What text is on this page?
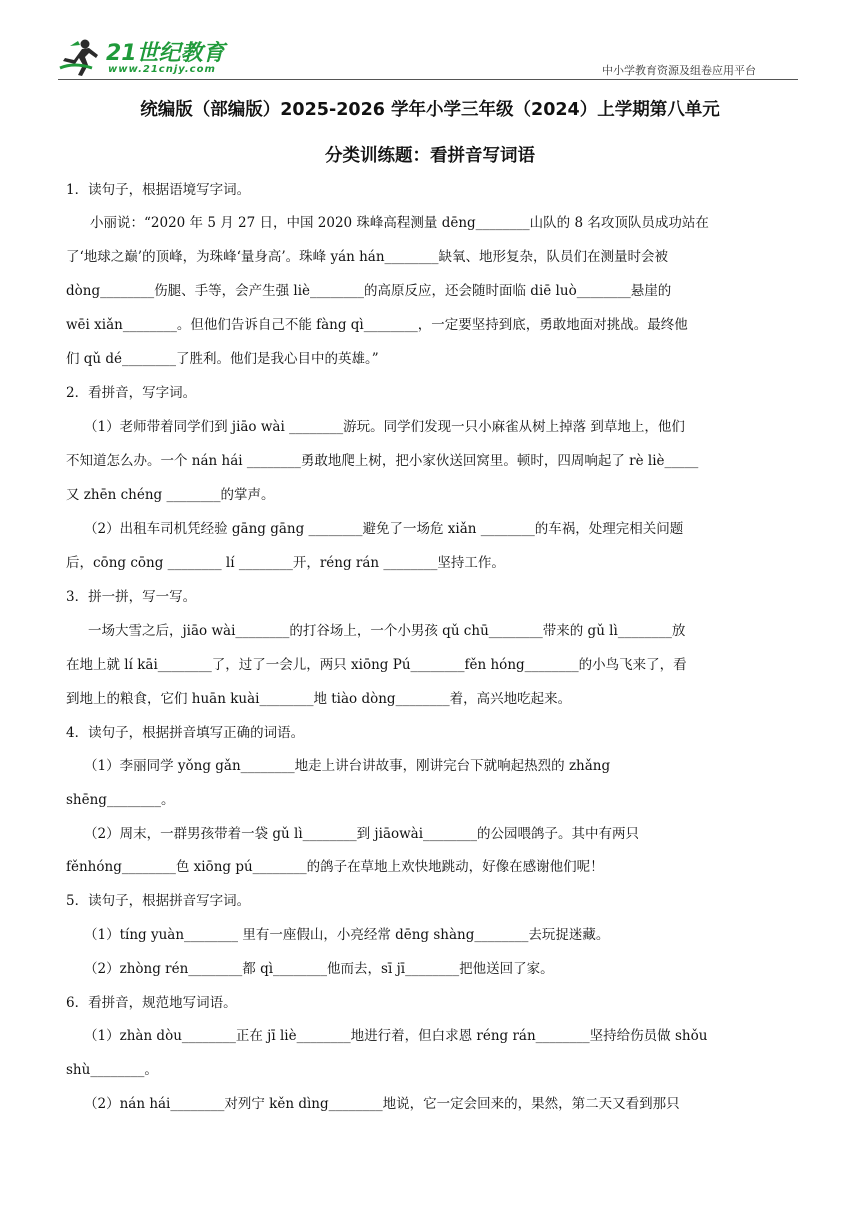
21世纪教育
www.21cnjy.com	中小学教育资源及组卷应用平台
统编版（部编版）2025-2026 学年小学三年级（2024）上学期第八单元
分类训练题：看拼音写词语
1．读句子，根据语境写字词。
小丽说：“2020 年 5 月 27 日，中国 2020 珠峰高程测量 dēng________山队的 8 名攻顶队员成功站在
了‘地球之巅’的顶峰，为珠峰‘量身高’。珠峰 yán hán________缺氧、地形复杂，队员们在测量时会被
dòng________伤腿、手等，会产生强 liè________的高原反应，还会随时面临 diē luò________悬崖的
wēi xiǎn________。但他们告诉自己不能 fàng qì________，一定要坚持到底，勇敢地面对挑战。最终他
们 qǔ dé________了胜利。他们是我心目中的英雄。”
2．看拼音，写字词。
（1）老师带着同学们到 jiāo wài ________游玩。同学们发现一只小麻雀从树上掉落 到草地上，他们
不知道怎么办。一个 nán hái ________勇敢地爬上树，把小家伙送回窝里。顿时，四周响起了 rè liè_____
又 zhēn chéng ________的掌声。
（2）出租车司机凭经验 gāng gāng ________避免了一场危 xiǎn ________的车祸，处理完相关问题
后，cōng cōng ________ lí ________开，réng rán ________坚持工作。
3．拼一拼，写一写。
一场大雪之后，jiāo wài________的打谷场上，一个小男孩 qǔ chū________带来的 gǔ lì________放
在地上就 lí kāi________了，过了一会儿，两只 xiōng Pú________fěn hóng________的小鸟飞来了，看
到地上的粮食，它们 huān kuài________地 tiào dòng________着，高兴地吃起来。
4．读句子，根据拼音填写正确的词语。
（1）李丽同学 yǒng gǎn________地走上讲台讲故事，刚讲完台下就响起热烈的 zhǎng
shēng________。
（2）周末，一群男孩带着一袋 gǔ lì________到 jiāowài________的公园喂鸽子。其中有两只
fěnhóng________色 xiōng pú________的鸽子在草地上欢快地跳动，好像在感谢他们呢！
5．读句子，根据拼音写字词。
（1）tíng yuàn________ 里有一座假山，小亮经常 dēng shàng________去玩捉迷藏。
（2）zhòng rén________都 qì________他而去，sī jī________把他送回了家。
6．看拼音，规范地写词语。
（1）zhàn dòu________正在 jī liè________地进行着，但白求恩 réng rán________坚持给伤员做 shǒu
shù________。
（2）nán hái________对列宁 kěn dìng________地说，它一定会回来的，果然，第二天又看到那只
